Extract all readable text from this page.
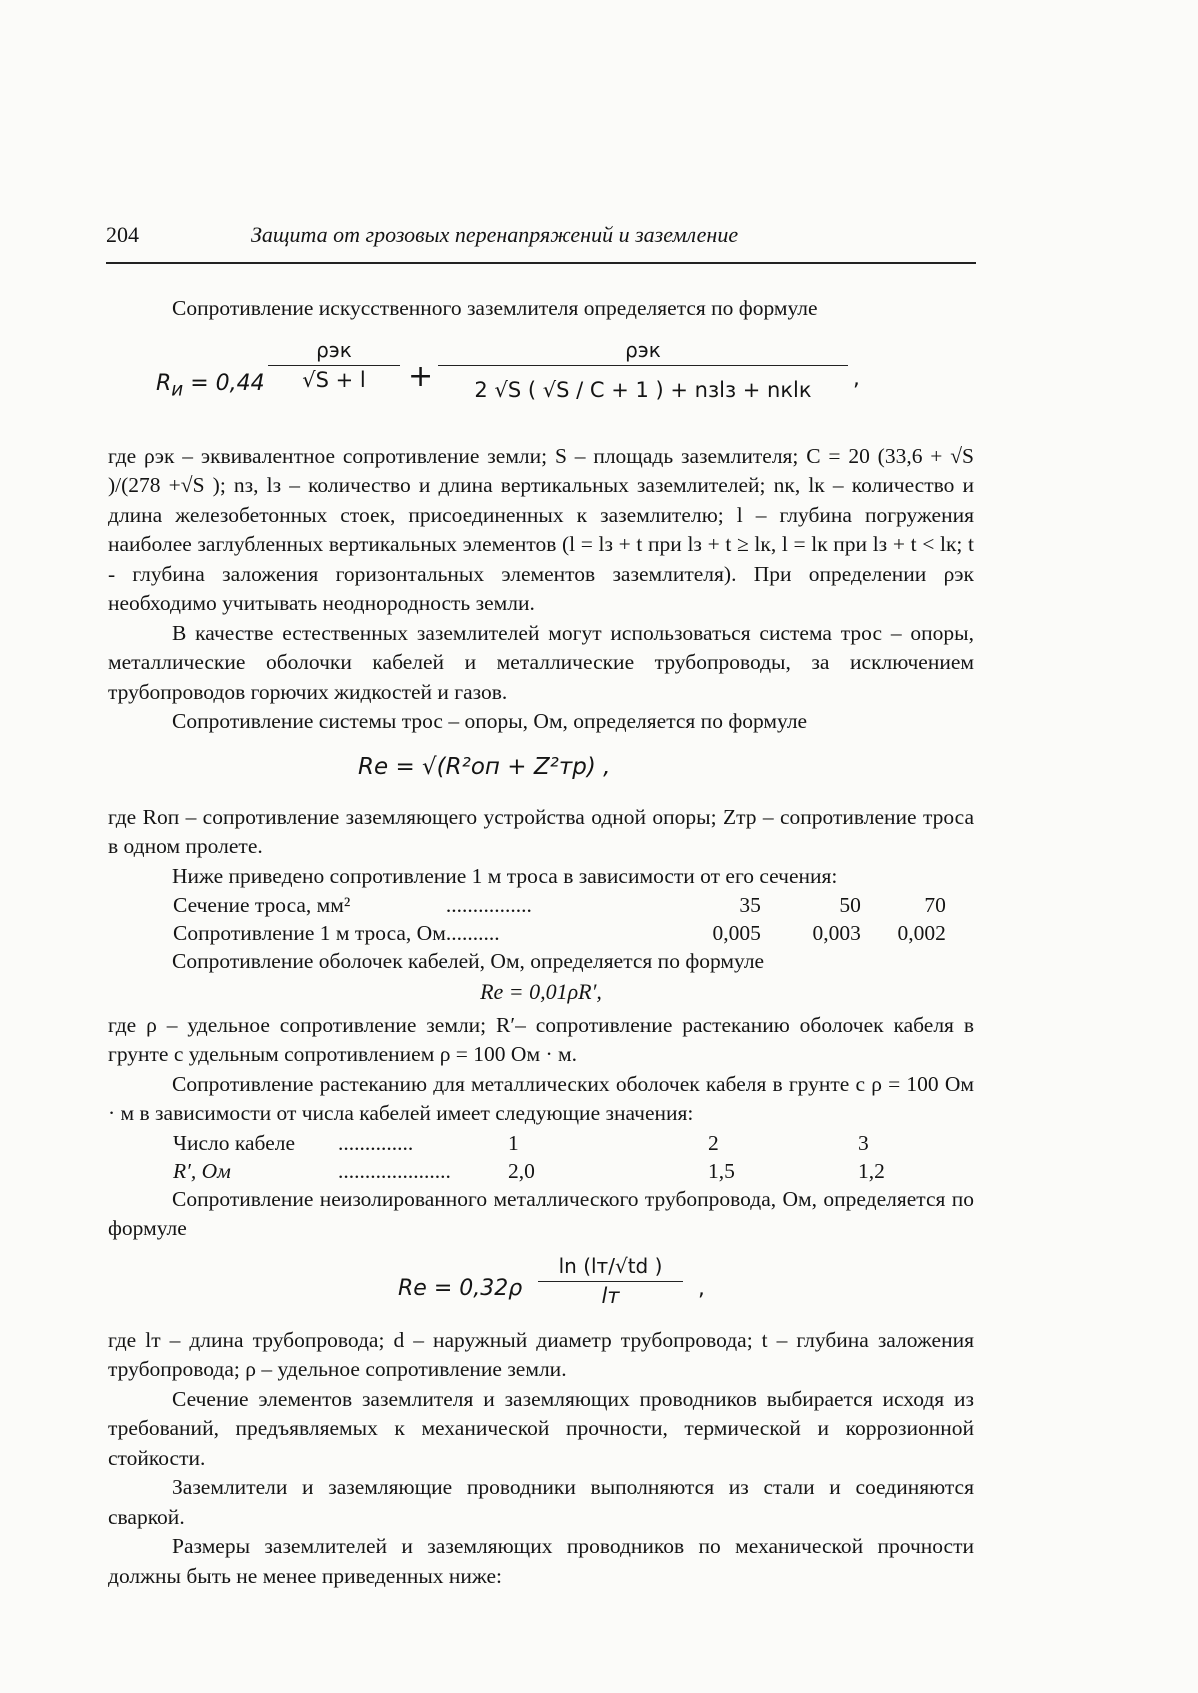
204	Защита от грозовых перенапряжений и заземление

Сопротивление искусственного заземлителя определяется по формуле

$R_и = 0,44$
ρэк
√S + l	+
ρэк
2 √S ( √S / C + 1 ) + nзlз + nкlк	,

где ρэк – эквивалентное сопротивление земли; S – площадь заземлителя; C = 20 (33,6 + √S )/(278 +√S ); nз, lз – количество и длина вертикальных заземлителей; nк, lк – количество и длина железобетонных стоек, присоединенных к заземлителю; l – глубина погружения наиболее заглубленных вертикальных элементов (l = lз + t при lз + t ≥ lк, l = lк при lз + t < lк; t - глубина заложения горизонтальных элементов заземлителя). При определении ρэк необходимо учитывать неоднородность земли.

В качестве естественных заземлителей могут использоваться система трос – опоры, металлические оболочки кабелей и металлические трубопроводы, за исключением трубопроводов горючих жидкостей и газов.

Сопротивление системы трос – опоры, Ом, определяется по формуле

Re = √(R²оп + Z²тр) ,

где Rоп – сопротивление заземляющего устройства одной опоры; Zтр – сопротивление троса в одном пролете.

Ниже приведено сопротивление 1 м троса в зависимости от его сечения:

Сечение троса, мм²	................	35	50	70
Сопротивление 1 м троса, Ом	..........	0,005	0,003	0,002

Сопротивление оболочек кабелей, Ом, определяется по формуле

Re = 0,01ρR′,

где ρ – удельное сопротивление земли; R′– сопротивление растеканию оболочек кабеля в грунте с удельным сопротивлением ρ = 100 Ом · м.

Сопротивление растеканию для металлических оболочек кабеля в грунте с ρ = 100 Ом · м в зависимости от числа кабелей имеет следующие значения:

Число кабеле	..............	1	2	3
R′, Ом	.....................	2,0	1,5	1,2

Сопротивление неизолированного металлического трубопровода, Ом, определяется по формуле

Re = 0,32ρ
ln (lт/√td )
lт	,

где lт – длина трубопровода; d – наружный диаметр трубопровода; t – глубина заложения трубопровода; ρ – удельное сопротивление земли.

Сечение элементов заземлителя и заземляющих проводников выбирается исходя из требований, предъявляемых к механической прочности, термической и коррозионной стойкости.

Заземлители и заземляющие проводники выполняются из стали и соединяются сваркой.

Размеры заземлителей и заземляющих проводников по механической прочности должны быть не менее приведенных ниже:
